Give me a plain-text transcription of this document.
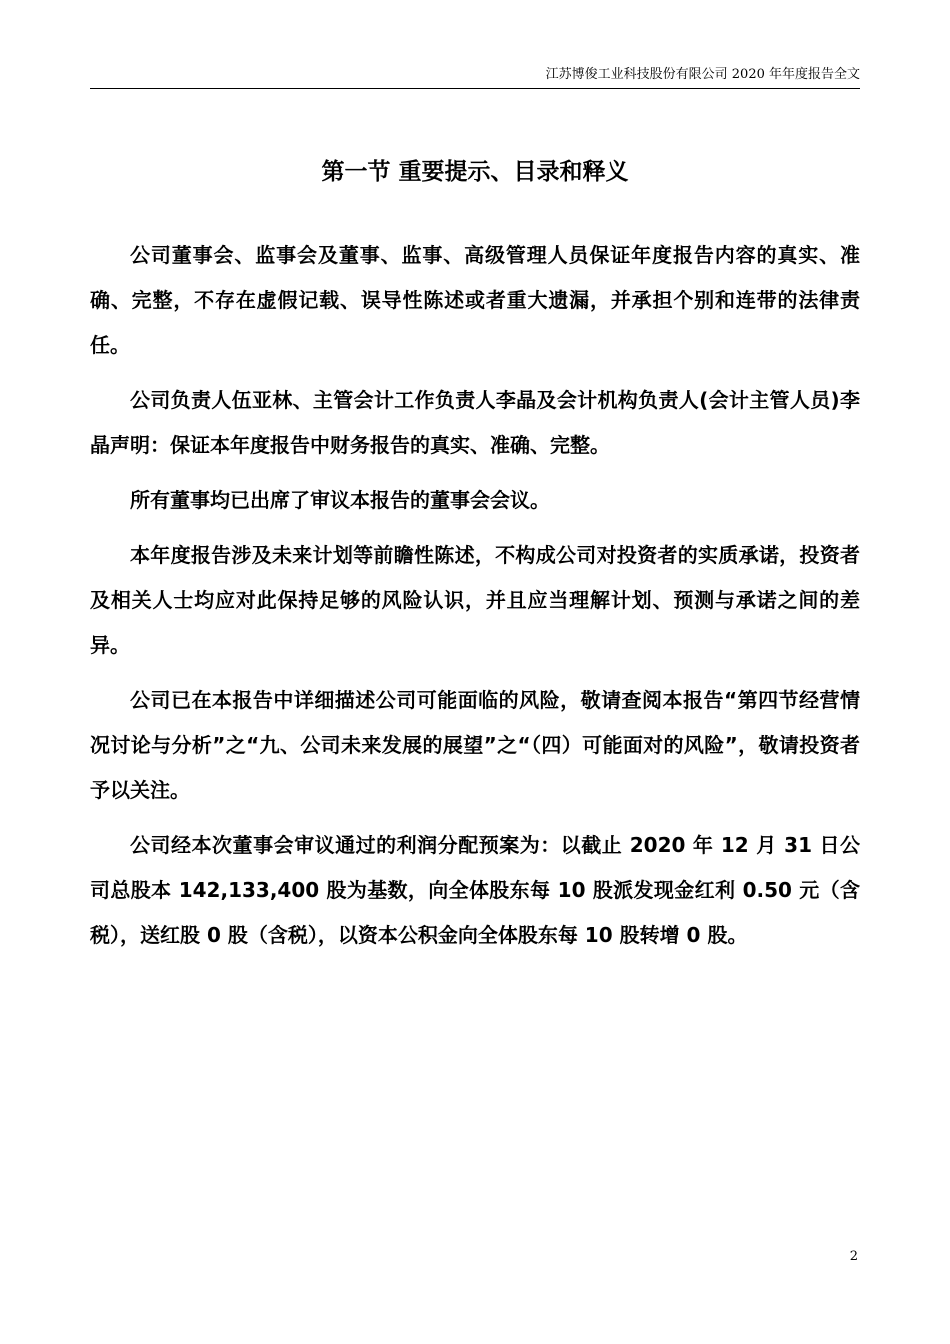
江苏博俊工业科技股份有限公司 2020 年年度报告全文
第一节 重要提示、目录和释义

公司董事会、监事会及董事、监事、高级管理人员保证年度报告内容的真实、准确、完整，不存在虚假记载、误导性陈述或者重大遗漏，并承担个别和连带的法律责任。

公司负责人伍亚林、主管会计工作负责人李晶及会计机构负责人(会计主管人员)李晶声明：保证本年度报告中财务报告的真实、准确、完整。

所有董事均已出席了审议本报告的董事会会议。

本年度报告涉及未来计划等前瞻性陈述，不构成公司对投资者的实质承诺，投资者及相关人士均应对此保持足够的风险认识，并且应当理解计划、预测与承诺之间的差异。

公司已在本报告中详细描述公司可能面临的风险，敬请查阅本报告“第四节经营情况讨论与分析”之“九、公司未来发展的展望”之“（四）可能面对的风险”，敬请投资者予以关注。

公司经本次董事会审议通过的利润分配预案为：以截止 2020 年 12 月 31 日公司总股本 142,133,400 股为基数，向全体股东每 10 股派发现金红利 0.50 元（含税），送红股 0 股（含税），以资本公积金向全体股东每 10 股转增 0 股。

2
